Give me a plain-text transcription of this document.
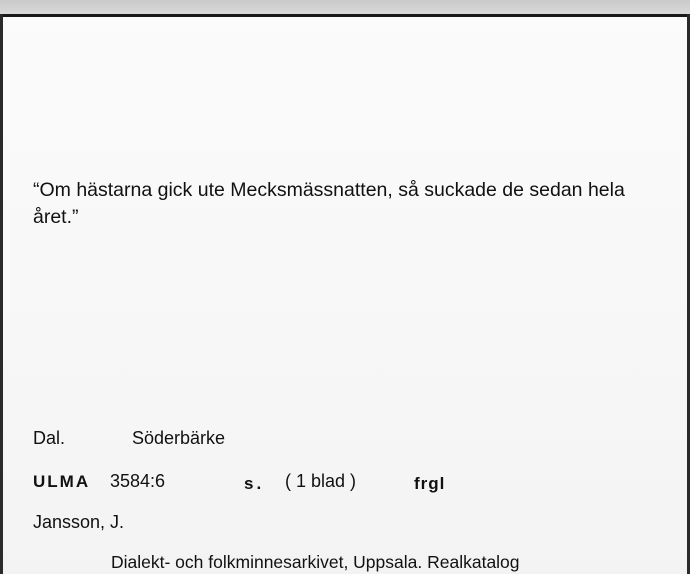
“Om hästarna gick ute Mecksmässnatten, så suckade de sedan hela året.”
Dal.	Söderbärke
ULMA 3584:6	s. ( 1 blad )	frgl
Jansson, J.
Dialekt- och folkminnesarkivet, Uppsala. Realkatalog
